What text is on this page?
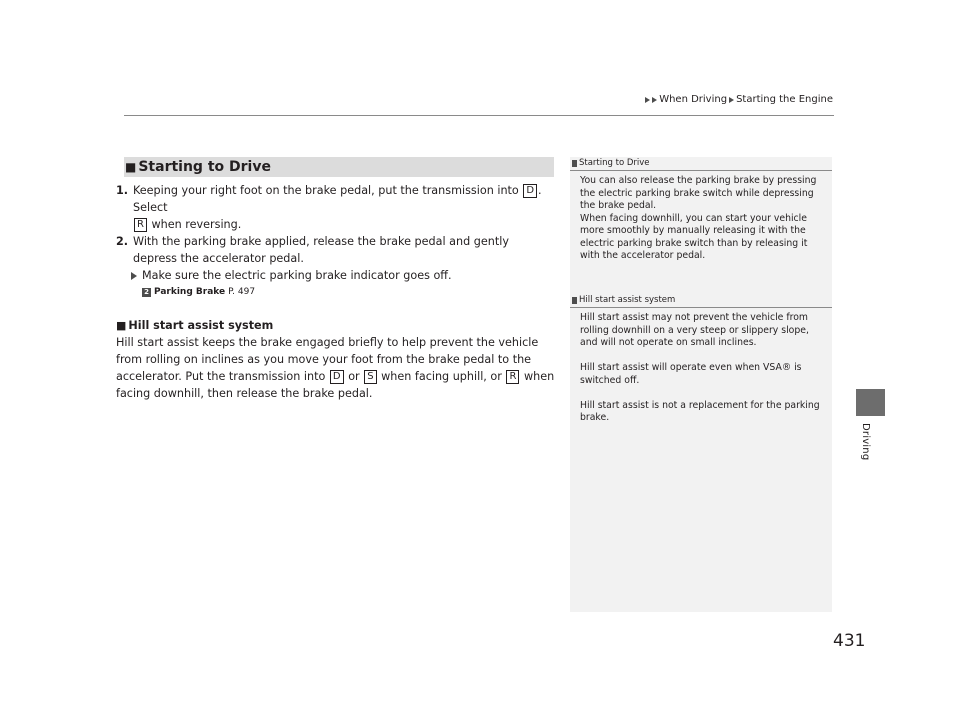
When Driving Starting the Engine
Driving
■ Starting to Drive
1. Keeping your right foot on the brake pedal, put the transmission into D . Select
R when reversing.
2. With the parking brake applied, release the brake pedal and gently depress the accelerator pedal.
Make sure the electric parking brake indicator goes off.
2 Parking Brake P. 497
■ Hill start assist system
Hill start assist keeps the brake engaged briefly to help prevent the vehicle from rolling on inclines as you move your foot from the brake pedal to the accelerator. Put the transmission into D or S when facing uphill, or R when facing downhill, then release the brake pedal.
Starting to Drive

You can also release the parking brake by pressing the electric parking brake switch while depressing the brake pedal.
When facing downhill, you can start your vehicle more smoothly by manually releasing it with the electric parking brake switch than by releasing it with the accelerator pedal.

Hill start assist system

Hill start assist may not prevent the vehicle from rolling downhill on a very steep or slippery slope, and will not operate on small inclines.

Hill start assist will operate even when VSA® is switched off.

Hill start assist is not a replacement for the parking brake.

431
